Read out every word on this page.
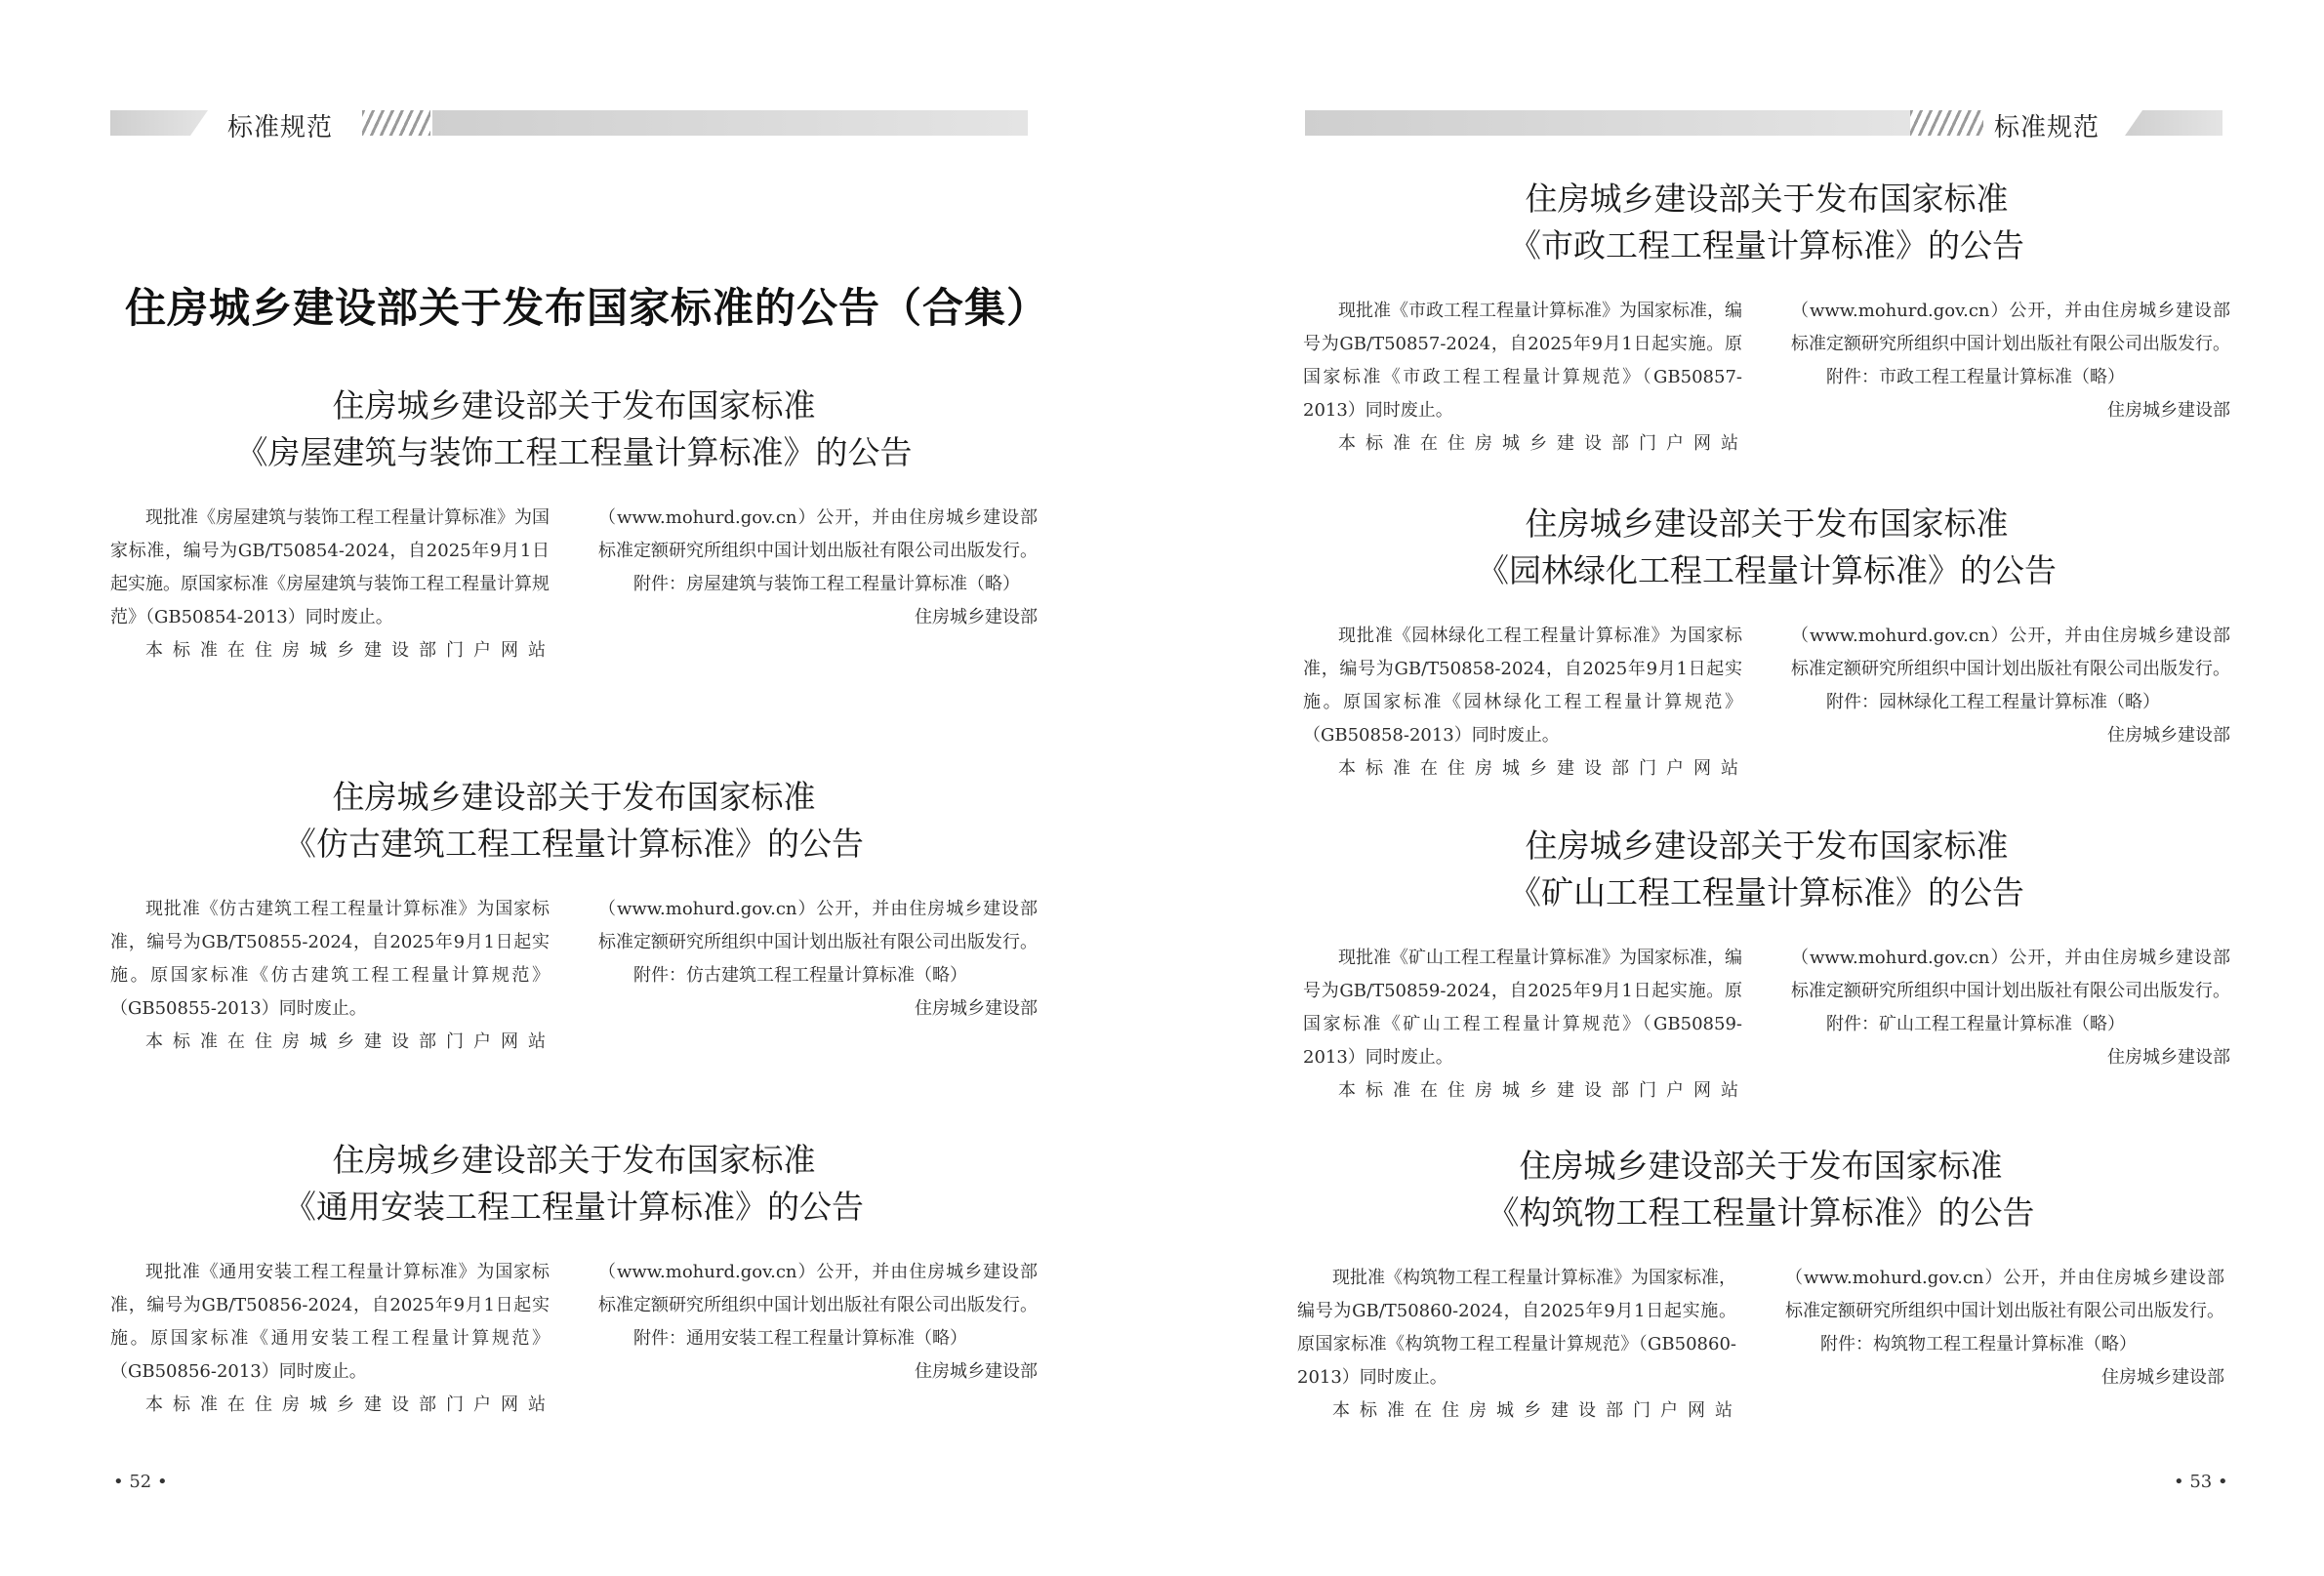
标准规范
住房城乡建设部关于发布国家标准的公告（合集）
住房城乡建设部关于发布国家标准
《房屋建筑与装饰工程工程量计算标准》的公告

现批准《房屋建筑与装饰工程工程量计算标准》为国家标准，编号为GB/T50854-2024，自2025年9月1日起实施。原国家标准《房屋建筑与装饰工程工程量计算规范》（GB50854-2013）同时废止。

本标准在住房城乡建设部门户网站

（www.mohurd.gov.cn）公开，并由住房城乡建设部标准定额研究所组织中国计划出版社有限公司出版发行。

附件：房屋建筑与装饰工程工程量计算标准（略）

住房城乡建设部

住房城乡建设部关于发布国家标准
《仿古建筑工程工程量计算标准》的公告

现批准《仿古建筑工程工程量计算标准》为国家标准，编号为GB/T50855-2024，自2025年9月1日起实施。原国家标准《仿古建筑工程工程量计算规范》（GB50855-2013）同时废止。

本标准在住房城乡建设部门户网站

（www.mohurd.gov.cn）公开，并由住房城乡建设部标准定额研究所组织中国计划出版社有限公司出版发行。

附件：仿古建筑工程工程量计算标准（略）

住房城乡建设部

住房城乡建设部关于发布国家标准
《通用安装工程工程量计算标准》的公告

现批准《通用安装工程工程量计算标准》为国家标准，编号为GB/T50856-2024，自2025年9月1日起实施。原国家标准《通用安装工程工程量计算规范》（GB50856-2013）同时废止。

本标准在住房城乡建设部门户网站

（www.mohurd.gov.cn）公开，并由住房城乡建设部标准定额研究所组织中国计划出版社有限公司出版发行。

附件：通用安装工程工程量计算标准（略）

住房城乡建设部

• 52 •
标准规范
住房城乡建设部关于发布国家标准
《市政工程工程量计算标准》的公告

现批准《市政工程工程量计算标准》为国家标准，编号为GB/T50857-2024，自2025年9月1日起实施。原国家标准《市政工程工程量计算规范》（GB50857-2013）同时废止。

本标准在住房城乡建设部门户网站

（www.mohurd.gov.cn）公开，并由住房城乡建设部标准定额研究所组织中国计划出版社有限公司出版发行。

附件：市政工程工程量计算标准（略）

住房城乡建设部

住房城乡建设部关于发布国家标准
《园林绿化工程工程量计算标准》的公告

现批准《园林绿化工程工程量计算标准》为国家标准，编号为GB/T50858-2024，自2025年9月1日起实施。原国家标准《园林绿化工程工程量计算规范》（GB50858-2013）同时废止。

本标准在住房城乡建设部门户网站

（www.mohurd.gov.cn）公开，并由住房城乡建设部标准定额研究所组织中国计划出版社有限公司出版发行。

附件：园林绿化工程工程量计算标准（略）

住房城乡建设部

住房城乡建设部关于发布国家标准
《矿山工程工程量计算标准》的公告

现批准《矿山工程工程量计算标准》为国家标准，编号为GB/T50859-2024，自2025年9月1日起实施。原国家标准《矿山工程工程量计算规范》（GB50859-2013）同时废止。

本标准在住房城乡建设部门户网站

（www.mohurd.gov.cn）公开，并由住房城乡建设部标准定额研究所组织中国计划出版社有限公司出版发行。

附件：矿山工程工程量计算标准（略）

住房城乡建设部

住房城乡建设部关于发布国家标准
《构筑物工程工程量计算标准》的公告

现批准《构筑物工程工程量计算标准》为国家标准，编号为GB/T50860-2024，自2025年9月1日起实施。原国家标准《构筑物工程工程量计算规范》（GB50860-2013）同时废止。

本标准在住房城乡建设部门户网站

（www.mohurd.gov.cn）公开，并由住房城乡建设部标准定额研究所组织中国计划出版社有限公司出版发行。

附件：构筑物工程工程量计算标准（略）

住房城乡建设部

• 53 •
